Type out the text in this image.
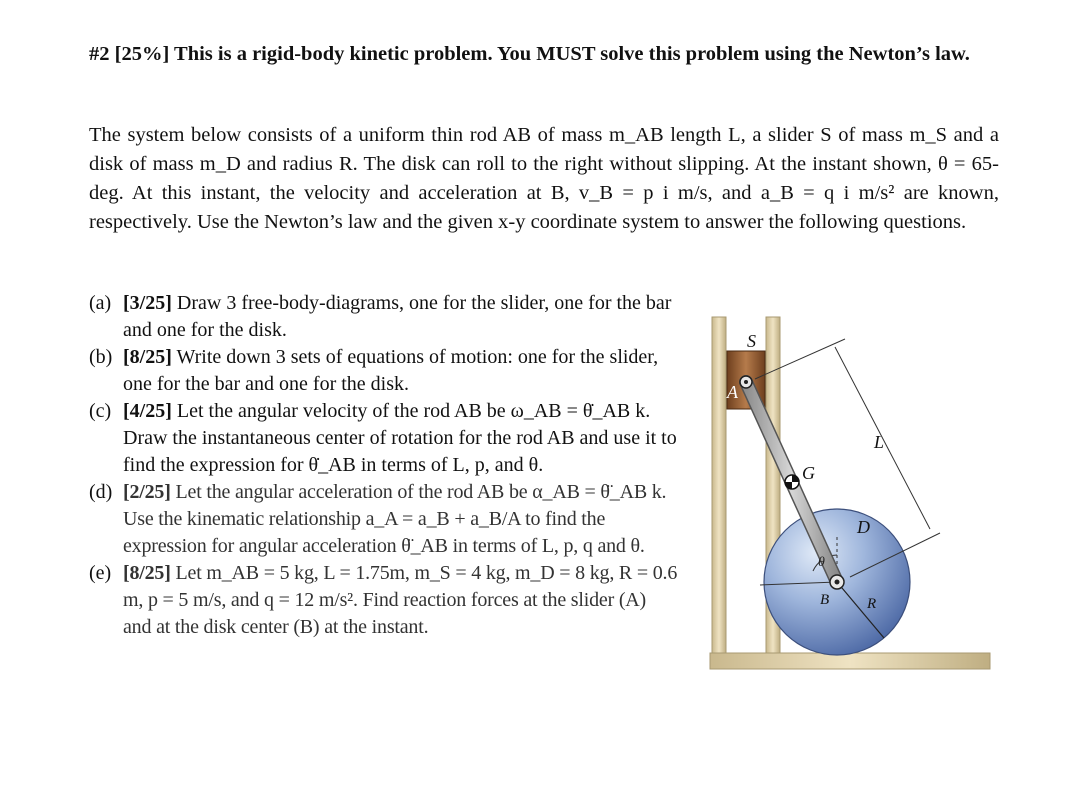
#2 [25%] This is a rigid-body kinetic problem. You MUST solve this problem using the Newton’s law.
The system below consists of a uniform thin rod AB of mass m_AB length L, a slider S of mass m_S and a disk of mass m_D and radius R. The disk can roll to the right without slipping. At the instant shown, θ = 65-deg. At this instant, the velocity and acceleration at B, v_B = p i m/s, and a_B = q i m/s² are known, respectively. Use the Newton’s law and the given x-y coordinate system to answer the following questions.
(a) [3/25] Draw 3 free-body-diagrams, one for the slider, one for the bar and one for the disk.
(b) [8/25] Write down 3 sets of equations of motion: one for the slider, one for the bar and one for the disk.
(c) [4/25] Let the angular velocity of the rod AB be ω_AB = θ̇_AB k. Draw the instantaneous center of rotation for the rod AB and use it to find the expression for θ̇_AB in terms of L, p, and θ.
(d) [2/25] Let the angular acceleration of the rod AB be α_AB = θ̈_AB k. Use the kinematic relationship a_A = a_B + a_B/A to find the expression for angular acceleration θ̈_AB in terms of L, p, q and θ.
(e) [8/25] Let m_AB = 5 kg, L = 1.75m, m_S = 4 kg, m_D = 8 kg, R = 0.6 m, p = 5 m/s, and q = 12 m/s². Find reaction forces at the slider (A) and at the disk center (B) at the instant.
S
A
G
L
D
B	R
θ
